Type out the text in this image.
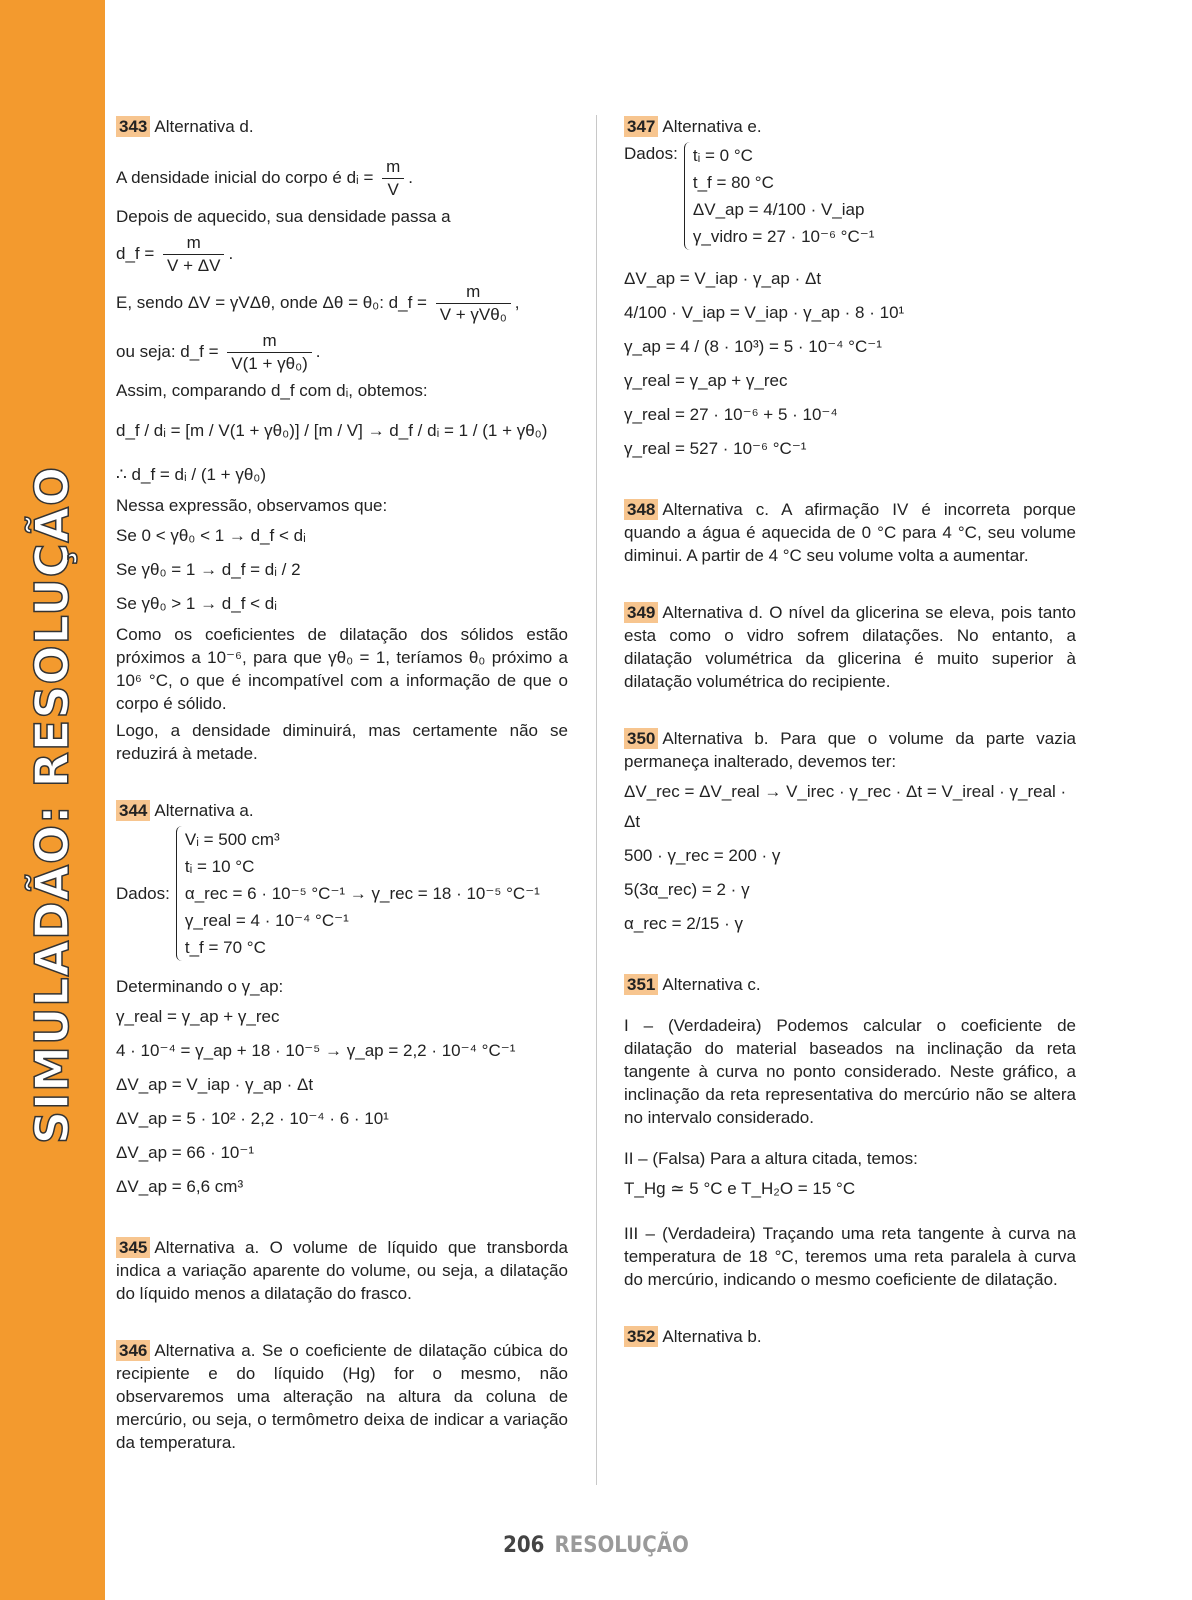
SIMULADÃO: RESOLUÇÃO

343 Alternativa d.

A densidade inicial do corpo é dᵢ = $\frac{m}{V}$ .

Depois de aquecido, sua densidade passa a

d_f = $\frac{m}{V + \Delta V}$ .

E, sendo ΔV = γVΔθ, onde Δθ = θ₀: d_f = $\frac{m}{\text{V + γVθ₀}}$ ,

ou seja: d_f = $\frac{m}{\text{V(1 + γθ₀)}}$ .

Assim, comparando d_f com dᵢ, obtemos:

d_f / dᵢ = [m / V(1 + γθ₀)] / [m / V] → d_f / dᵢ = 1 / (1 + γθ₀)

∴ d_f = dᵢ / (1 + γθ₀)

Nessa expressão, observamos que:

Se 0 < γθ₀ < 1 → d_f < dᵢ

Se γθ₀ = 1 → d_f = dᵢ / 2

Se γθ₀ > 1 → d_f < dᵢ

Como os coeficientes de dilatação dos sólidos estão próximos a 10⁻⁶, para que γθ₀ = 1, teríamos θ₀ próximo a 10⁶ °C, o que é incompatível com a informação de que o corpo é sólido.

Logo, a densidade diminuirá, mas certamente não se reduzirá à metade.

344 Alternativa a.

Dados:
Vᵢ = 500 cm³
tᵢ = 10 °C
α_rec = 6 · 10⁻⁵ °C⁻¹ → γ_rec = 18 · 10⁻⁵ °C⁻¹
γ_real = 4 · 10⁻⁴ °C⁻¹
t_f = 70 °C

Determinando o γ_ap:

γ_real = γ_ap + γ_rec

4 · 10⁻⁴ = γ_ap + 18 · 10⁻⁵ → γ_ap = 2,2 · 10⁻⁴ °C⁻¹

ΔV_ap = V_iap · γ_ap · Δt

ΔV_ap = 5 · 10² · 2,2 · 10⁻⁴ · 6 · 10¹

ΔV_ap = 66 · 10⁻¹

ΔV_ap = 6,6 cm³

345 Alternativa a. O volume de líquido que transborda indica a variação aparente do volume, ou seja, a dilatação do líquido menos a dilatação do frasco.

346 Alternativa a. Se o coeficiente de dilatação cúbica do recipiente e do líquido (Hg) for o mesmo, não observaremos uma alteração na altura da coluna de mercúrio, ou seja, o termômetro deixa de indicar a variação da temperatura.

347 Alternativa e.

Dados: tᵢ = 0 °C
t_f = 80 °C
ΔV_ap = 4/100 · V_iap
γ_vidro = 27 · 10⁻⁶ °C⁻¹

ΔV_ap = V_iap · γ_ap · Δt

4/100 · V_iap = V_iap · γ_ap · 8 · 10¹

γ_ap = 4 / (8 · 10³) = 5 · 10⁻⁴ °C⁻¹

γ_real = γ_ap + γ_rec

γ_real = 27 · 10⁻⁶ + 5 · 10⁻⁴

γ_real = 527 · 10⁻⁶ °C⁻¹

348 Alternativa c. A afirmação IV é incorreta porque quando a água é aquecida de 0 °C para 4 °C, seu volume diminui. A partir de 4 °C seu volume volta a aumentar.

349 Alternativa d. O nível da glicerina se eleva, pois tanto esta como o vidro sofrem dilatações. No entanto, a dilatação volumétrica da glicerina é muito superior à dilatação volumétrica do recipiente.

350 Alternativa b. Para que o volume da parte vazia permaneça inalterado, devemos ter:

ΔV_rec = ΔV_real → V_irec · γ_rec · Δt = V_ireal · γ_real · Δt

500 · γ_rec = 200 · γ

5(3α_rec) = 2 · γ

α_rec = 2/15 · γ

351 Alternativa c.

I – (Verdadeira) Podemos calcular o coeficiente de dilatação do material baseados na inclinação da reta tangente à curva no ponto considerado. Neste gráfico, a inclinação da reta representativa do mercúrio não se altera no intervalo considerado.

II – (Falsa) Para a altura citada, temos:

T_Hg ≃ 5 °C e T_H₂O = 15 °C

III – (Verdadeira) Traçando uma reta tangente à curva na temperatura de 18 °C, teremos uma reta paralela à curva do mercúrio, indicando o mesmo coeficiente de dilatação.

352 Alternativa b.

206 RESOLUÇÃO
